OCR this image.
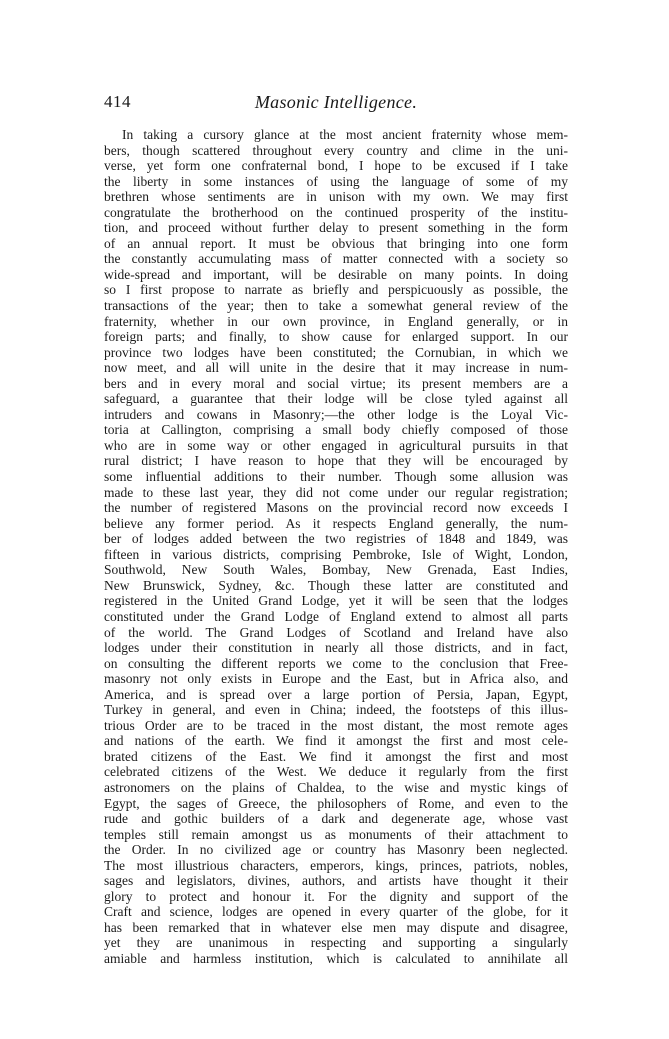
414	Masonic Intelligence.
In taking a cursory glance at the most ancient fraternity whose mem-
bers, though scattered throughout every country and clime in the uni-
verse, yet form one confraternal bond, I hope to be excused if I take
the liberty in some instances of using the language of some of my
brethren whose sentiments are in unison with my own. We may first
congratulate the brotherhood on the continued prosperity of the institu-
tion, and proceed without further delay to present something in the form
of an annual report. It must be obvious that bringing into one form
the constantly accumulating mass of matter connected with a society so
wide-spread and important, will be desirable on many points. In doing
so I first propose to narrate as briefly and perspicuously as possible, the
transactions of the year; then to take a somewhat general review of the
fraternity, whether in our own province, in England generally, or in
foreign parts; and finally, to show cause for enlarged support. In our
province two lodges have been constituted; the Cornubian, in which we
now meet, and all will unite in the desire that it may increase in num-
bers and in every moral and social virtue; its present members are a
safeguard, a guarantee that their lodge will be close tyled against all
intruders and cowans in Masonry;—the other lodge is the Loyal Vic-
toria at Callington, comprising a small body chiefly composed of those
who are in some way or other engaged in agricultural pursuits in that
rural district; I have reason to hope that they will be encouraged by
some influential additions to their number. Though some allusion was
made to these last year, they did not come under our regular registration;
the number of registered Masons on the provincial record now exceeds I
believe any former period. As it respects England generally, the num-
ber of lodges added between the two registries of 1848 and 1849, was
fifteen in various districts, comprising Pembroke, Isle of Wight, London,
Southwold, New South Wales, Bombay, New Grenada, East Indies,
New Brunswick, Sydney, &c. Though these latter are constituted and
registered in the United Grand Lodge, yet it will be seen that the lodges
constituted under the Grand Lodge of England extend to almost all parts
of the world. The Grand Lodges of Scotland and Ireland have also
lodges under their constitution in nearly all those districts, and in fact,
on consulting the different reports we come to the conclusion that Free-
masonry not only exists in Europe and the East, but in Africa also, and
America, and is spread over a large portion of Persia, Japan, Egypt,
Turkey in general, and even in China; indeed, the footsteps of this illus-
trious Order are to be traced in the most distant, the most remote ages
and nations of the earth. We find it amongst the first and most cele-
brated citizens of the East. We find it amongst the first and most
celebrated citizens of the West. We deduce it regularly from the first
astronomers on the plains of Chaldea, to the wise and mystic kings of
Egypt, the sages of Greece, the philosophers of Rome, and even to the
rude and gothic builders of a dark and degenerate age, whose vast
temples still remain amongst us as monuments of their attachment to
the Order. In no civilized age or country has Masonry been neglected.
The most illustrious characters, emperors, kings, princes, patriots, nobles,
sages and legislators, divines, authors, and artists have thought it their
glory to protect and honour it. For the dignity and support of the
Craft and science, lodges are opened in every quarter of the globe, for it
has been remarked that in whatever else men may dispute and disagree,
yet they are unanimous in respecting and supporting a singularly
amiable and harmless institution, which is calculated to annihilate all
